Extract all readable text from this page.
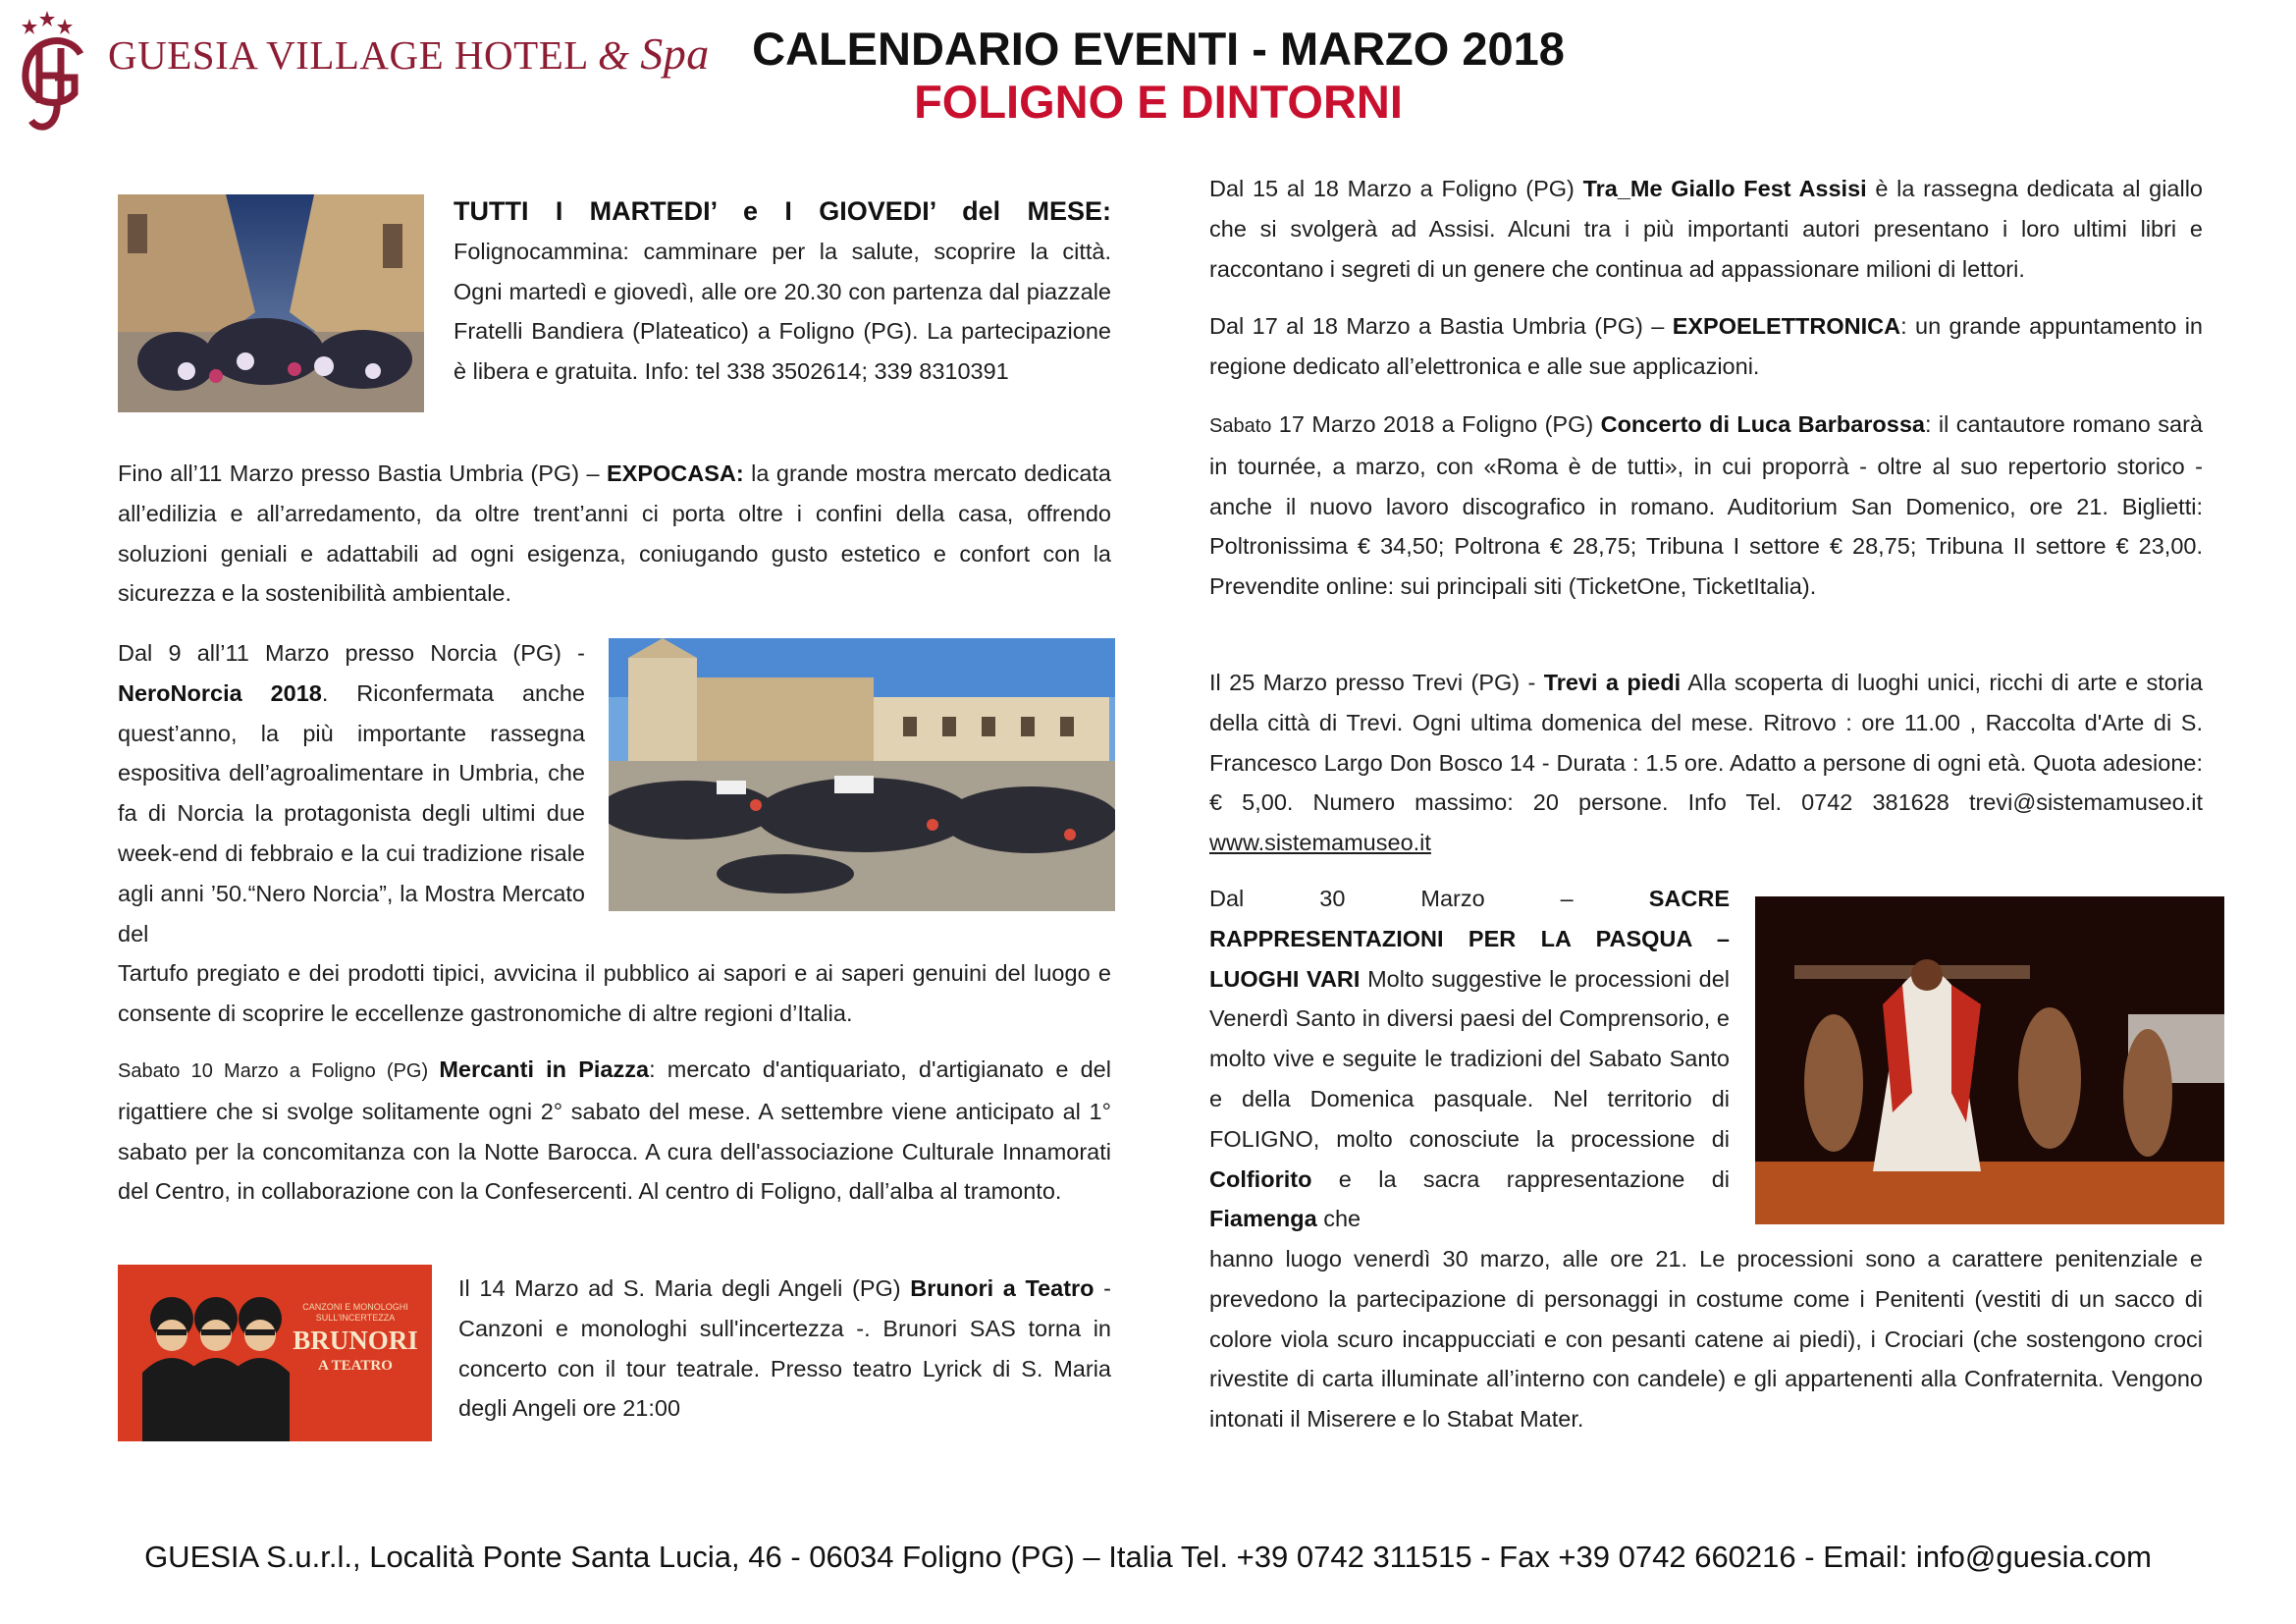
GUESIA VILLAGE HOTEL & Spa CALENDARIO EVENTI - MARZO 2018
FOLIGNO E DINTORNI
TUTTI I MARTEDI’ e I GIOVEDI’ del MESE:
Folignocammina: camminare per la salute, scoprire la città. Ogni martedì e giovedì, alle ore 20.30 con partenza dal piazzale Fratelli Bandiera (Plateatico) a Foligno (PG). La partecipazione è libera e gratuita. Info: tel 338 3502614; 339 8310391
Fino all’11 Marzo presso Bastia Umbria (PG) – EXPOCASA: la grande mostra mercato dedicata all’edilizia e all’arredamento, da oltre trent’anni ci porta oltre i confini della casa, offrendo soluzioni geniali e adattabili ad ogni esigenza, coniugando gusto estetico e confort con la sicurezza e la sostenibilità ambientale.
Dal 9 all’11 Marzo presso Norcia (PG) - NeroNorcia 2018. Riconfermata anche quest’anno, la più importante rassegna espositiva dell’agroalimentare in Umbria, che fa di Norcia la protagonista degli ultimi due week-end di febbraio e la cui tradizione risale agli anni ’50.“Nero Norcia”, la Mostra Mercato del
Tartufo pregiato e dei prodotti tipici, avvicina il pubblico ai sapori e ai saperi genuini del luogo e consente di scoprire le eccellenze gastronomiche di altre regioni d’Italia.
Sabato 10 Marzo a Foligno (PG) Mercanti in Piazza: mercato d'antiquariato, d'artigianato e del rigattiere che si svolge solitamente ogni 2° sabato del mese. A settembre viene anticipato al 1° sabato per la concomitanza con la Notte Barocca. A cura dell'associazione Culturale Innamorati del Centro, in collaborazione con la Confesercenti. Al centro di Foligno, dall’alba al tramonto.
CANZONI E MONOLOGHI
SULL'INCERTEZZA
BRUNORI
A TEATRO
Il 14 Marzo ad S. Maria degli Angeli (PG) Brunori a Teatro - Canzoni e monologhi sull'incertezza -. Brunori SAS torna in concerto con il tour teatrale. Presso teatro Lyrick di S. Maria degli Angeli ore 21:00
Dal 15 al 18 Marzo a Foligno (PG) Tra_Me Giallo Fest Assisi è la rassegna dedicata al giallo che si svolgerà ad Assisi. Alcuni tra i più importanti autori presentano i loro ultimi libri e raccontano i segreti di un genere che continua ad appassionare milioni di lettori.
Dal 17 al 18 Marzo a Bastia Umbria (PG) – EXPOELETTRONICA: un grande appuntamento in regione dedicato all’elettronica e alle sue applicazioni.
Sabato 17 Marzo 2018 a Foligno (PG) Concerto di Luca Barbarossa: il cantautore romano sarà in tournée, a marzo, con «Roma è de tutti», in cui proporrà - oltre al suo repertorio storico - anche il nuovo lavoro discografico in romano. Auditorium San Domenico, ore 21. Biglietti: Poltronissima € 34,50; Poltrona € 28,75; Tribuna I settore € 28,75; Tribuna II settore € 23,00. Prevendite online: sui principali siti (TicketOne, TicketItalia).
Il 25 Marzo presso Trevi (PG) - Trevi a piedi Alla scoperta di luoghi unici, ricchi di arte e storia della città di Trevi. Ogni ultima domenica del mese. Ritrovo : ore 11.00 , Raccolta d'Arte di S. Francesco Largo Don Bosco 14 - Durata : 1.5 ore. Adatto a persone di ogni età. Quota adesione: € 5,00. Numero massimo: 20 persone. Info Tel. 0742 381628 trevi@sistemamuseo.it www.sistemamuseo.it
Dal 30 Marzo – SACRE RAPPRESENTAZIONI PER LA PASQUA – LUOGHI VARI Molto suggestive le processioni del Venerdì Santo in diversi paesi del Comprensorio, e molto vive e seguite le tradizioni del Sabato Santo e della Domenica pasquale. Nel territorio di FOLIGNO, molto conosciute la processione di Colfiorito e la sacra rappresentazione di Fiamenga che
hanno luogo venerdì 30 marzo, alle ore 21. Le processioni sono a carattere penitenziale e prevedono la partecipazione di personaggi in costume come i Penitenti (vestiti di un sacco di colore viola scuro incappucciati e con pesanti catene ai piedi), i Crociari (che sostengono croci rivestite di carta illuminate all’interno con candele) e gli appartenenti alla Confraternita. Vengono intonati il Miserere e lo Stabat Mater.
GUESIA S.u.r.l., Località Ponte Santa Lucia, 46 - 06034 Foligno (PG) – Italia Tel. +39 0742 311515 - Fax +39 0742 660216 - Email: info@guesia.com
